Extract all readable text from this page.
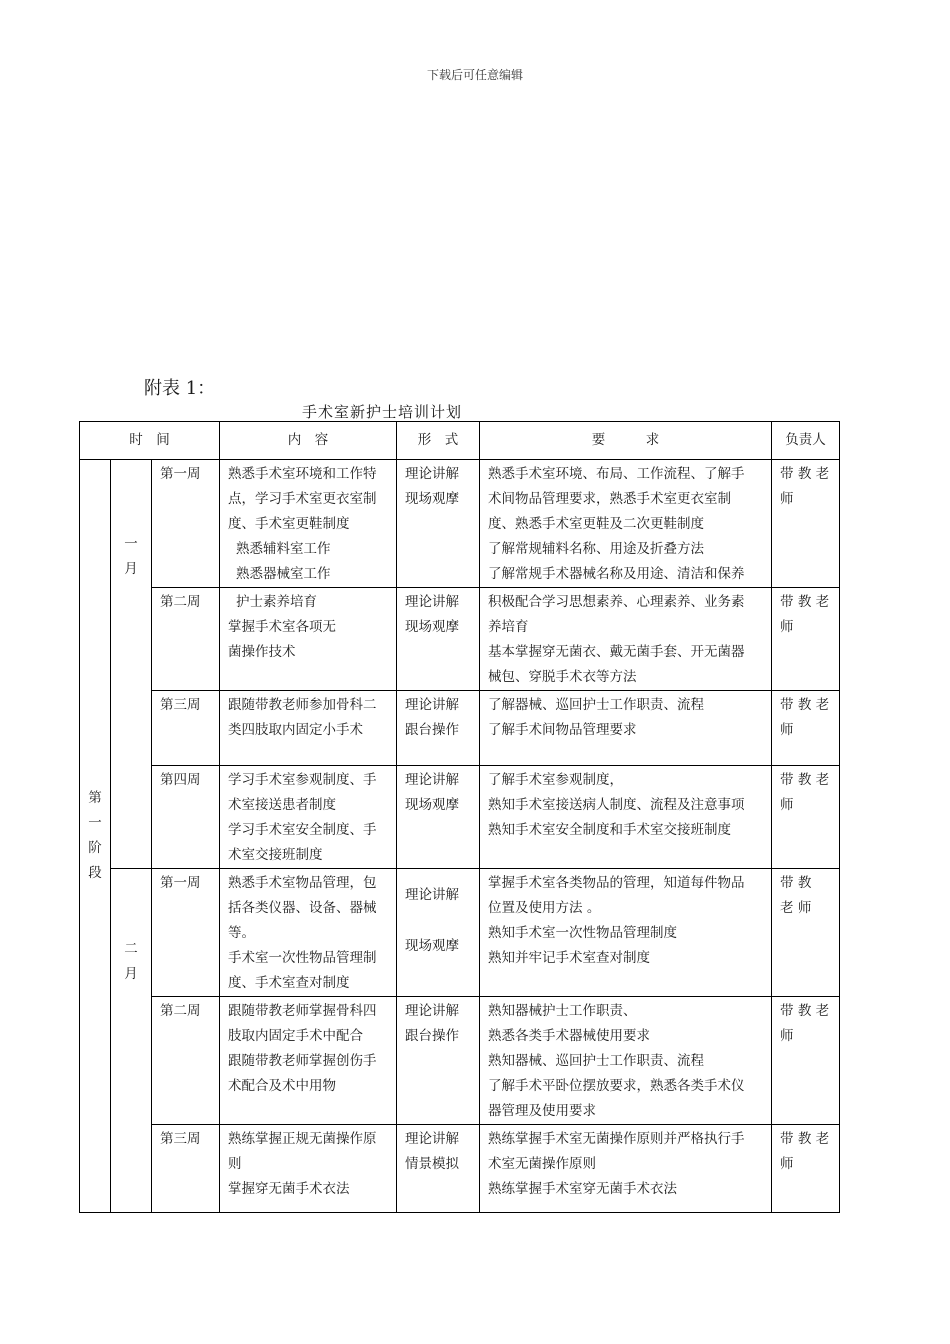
下载后可任意编辑
附表 1：
手术室新护士培训计划
时　间			内　容	形　式	要　　　求	负责人

第
一
阶
段	一
月	第一周	熟悉手术室环境和工作特
点，学习手术室更衣室制
度、手术室更鞋制度
熟悉辅料室工作
熟悉器械室工作	理论讲解
现场观摩	熟悉手术室环境、布局、工作流程、了解手
术间物品管理要求，熟悉手术室更衣室制
度、熟悉手术室更鞋及二次更鞋制度
了解常规辅料名称、用途及折叠方法
了解常规手术器械名称及用途、清洁和保养	带 教 老
师

		第二周	护士素养培育
掌握手术室各项无
菌操作技术	理论讲解
现场观摩	积极配合学习思想素养、心理素养、业务素
养培育
基本掌握穿无菌衣、戴无菌手套、开无菌器
械包、穿脱手术衣等方法	带 教 老
师

		第三周	跟随带教老师参加骨科二
类四肢取内固定小手术	理论讲解
跟台操作	了解器械、巡回护士工作职责、流程
了解手术间物品管理要求	带 教 老
师

		第四周	学习手术室参观制度、手
术室接送患者制度
学习手术室安全制度、手
术室交接班制度	理论讲解
现场观摩	了解手术室参观制度，
熟知手术室接送病人制度、流程及注意事项
熟知手术室安全制度和手术室交接班制度	带 教 老
师

	二
月	第一周	熟悉手术室物品管理，包
括各类仪器、设备、器械
等。
手术室一次性物品管理制
度、手术室查对制度	理论讲解
现场观摩	掌握手术室各类物品的管理，知道每件物品
位置及使用方法 。
熟知手术室一次性物品管理制度
熟知并牢记手术室查对制度	带 教
老 师

		第二周	跟随带教老师掌握骨科四
肢取内固定手术中配合
跟随带教老师掌握创伤手
术配合及术中用物	理论讲解
跟台操作	熟知器械护士工作职责、
熟悉各类手术器械使用要求
熟知器械、巡回护士工作职责、流程
了解手术平卧位摆放要求，熟悉各类手术仪
器管理及使用要求	带 教 老
师

		第三周	熟练掌握正规无菌操作原
则
掌握穿无菌手术衣法	理论讲解
情景模拟	熟练掌握手术室无菌操作原则并严格执行手
术室无菌操作原则
熟练掌握手术室穿无菌手术衣法	带 教 老
师
